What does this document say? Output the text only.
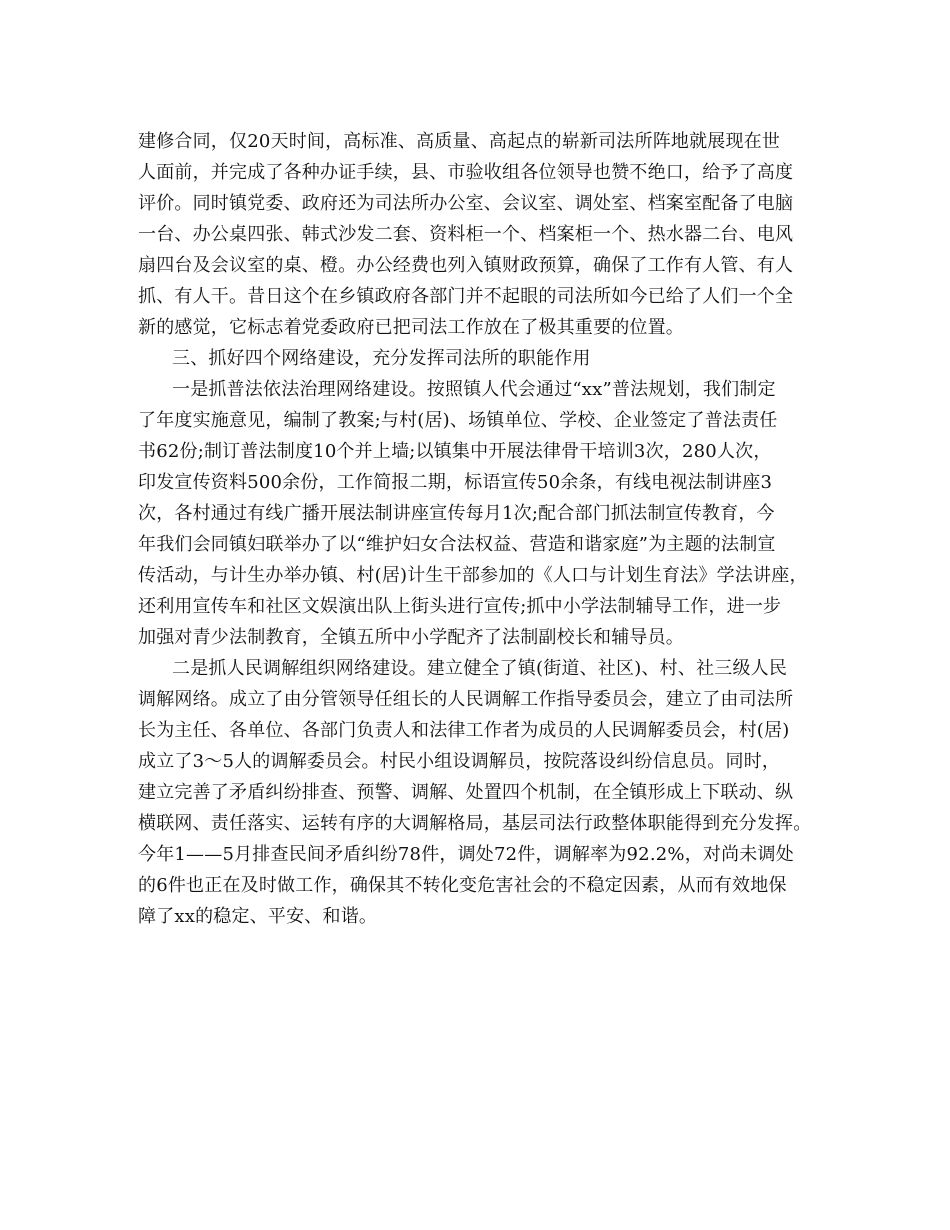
建修合同，仅20天时间，高标准、高质量、高起点的崭新司法所阵地就展现在世
人面前，并完成了各种办证手续，县、市验收组各位领导也赞不绝口，给予了高度
评价。同时镇党委、政府还为司法所办公室、会议室、调处室、档案室配备了电脑
一台、办公桌四张、韩式沙发二套、资料柜一个、档案柜一个、热水器二台、电风
扇四台及会议室的桌、橙。办公经费也列入镇财政预算，确保了工作有人管、有人
抓、有人干。昔日这个在乡镇政府各部门并不起眼的司法所如今已给了人们一个全
新的感觉，它标志着党委政府已把司法工作放在了极其重要的位置。
三、抓好四个网络建设，充分发挥司法所的职能作用
一是抓普法依法治理网络建设。按照镇人代会通过“xx”普法规划，我们制定
了年度实施意见，编制了教案;与村(居)、场镇单位、学校、企业签定了普法责任
书62份;制订普法制度10个并上墙;以镇集中开展法律骨干培训3次，280人次，
印发宣传资料500余份，工作简报二期，标语宣传50余条，有线电视法制讲座3
次，各村通过有线广播开展法制讲座宣传每月1次;配合部门抓法制宣传教育，今
年我们会同镇妇联举办了以“维护妇女合法权益、营造和谐家庭”为主题的法制宣
传活动，与计生办举办镇、村(居)计生干部参加的《人口与计划生育法》学法讲座，
还利用宣传车和社区文娱演出队上街头进行宣传;抓中小学法制辅导工作，进一步
加强对青少法制教育，全镇五所中小学配齐了法制副校长和辅导员。
二是抓人民调解组织网络建设。建立健全了镇(街道、社区)、村、社三级人民
调解网络。成立了由分管领导任组长的人民调解工作指导委员会，建立了由司法所
长为主任、各单位、各部门负责人和法律工作者为成员的人民调解委员会，村(居)
成立了3～5人的调解委员会。村民小组设调解员，按院落设纠纷信息员。同时，
建立完善了矛盾纠纷排查、预警、调解、处置四个机制，在全镇形成上下联动、纵
横联网、责任落实、运转有序的大调解格局，基层司法行政整体职能得到充分发挥。
今年1——5月排查民间矛盾纠纷78件，调处72件，调解率为92.2%，对尚未调处
的6件也正在及时做工作，确保其不转化变危害社会的不稳定因素，从而有效地保
障了xx的稳定、平安、和谐。
